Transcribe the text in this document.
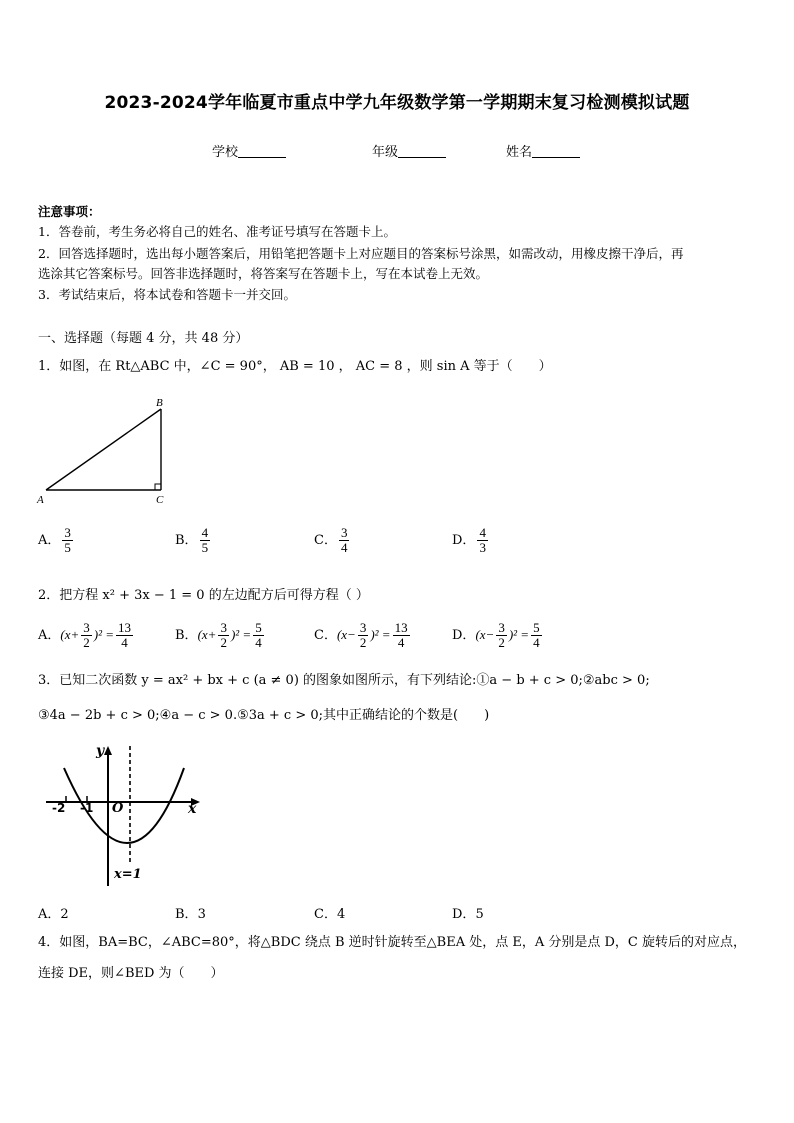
2023-2024学年临夏市重点中学九年级数学第一学期期末复习检测模拟试题
学校	年级	姓名
注意事项：
1．答卷前，考生务必将自己的姓名、准考证号填写在答题卡上。
2．回答选择题时，选出每小题答案后，用铅笔把答题卡上对应题目的答案标号涂黑，如需改动，用橡皮擦干净后，再
选涂其它答案标号。回答非选择题时，将答案写在答题卡上，写在本试卷上无效。
3．考试结束后，将本试卷和答题卡一并交回。
一、选择题（每题 4 分，共 48 分）
1．如图，在 Rt△ABC 中，∠C = 90°， AB = 10 ， AC = 8 ，则 sin A 等于（　　）
A
B
C
A． $\frac{3}{5}$	B． $\frac{4}{5}$	C． $\frac{3}{4}$	D． $\frac{4}{3}$
2．把方程 x² + 3x − 1 = 0 的左边配方后可得方程（ ）
A．$(x+ \frac{3}{2} )^2 = \frac{13}{4}$	B．$(x+ \frac{3}{2} )^2 = \frac{5}{4}$	C．$(x- \frac{3}{2} )^2 = \frac{13}{4}$	D．$(x- \frac{3}{2} )^2 = \frac{5}{4}$
3．已知二次函数 y = ax² + bx + c (a ≠ 0) 的图象如图所示，有下列结论:①a − b + c > 0;②abc > 0;
③4a − 2b + c > 0;④a − c > 0.⑤3a + c > 0;其中正确结论的个数是(　　)
y
x
O
-2 -1
x=1
A．2	B．3	C．4	D．5
4．如图，BA=BC，∠ABC=80°，将△BDC 绕点 B 逆时针旋转至△BEA 处，点 E，A 分别是点 D，C 旋转后的对应点，
连接 DE，则∠BED 为（　　）
